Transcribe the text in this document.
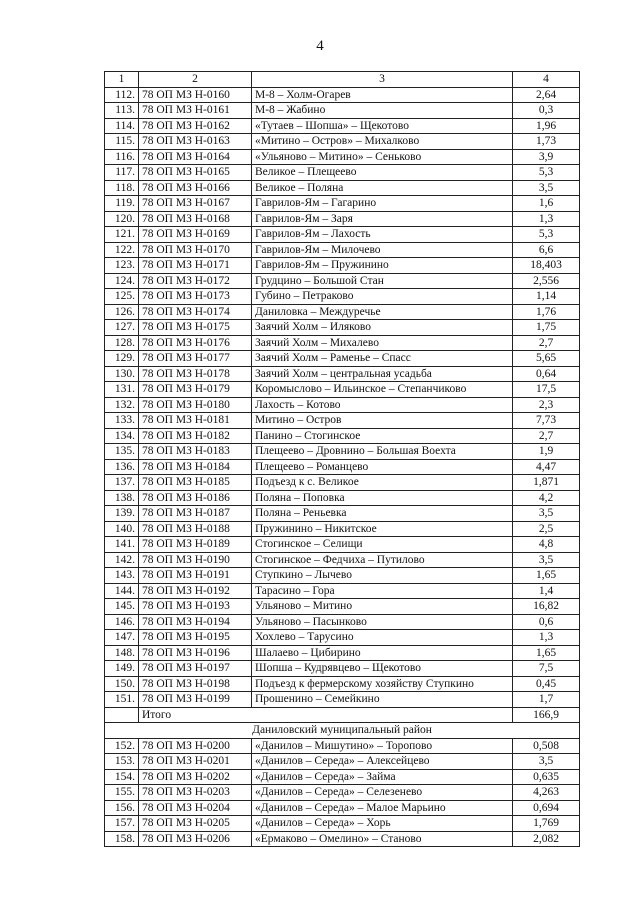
4
1	2	3	4
112.	78 ОП МЗ Н-0160	М-8 – Холм-Огарев	2,64
113.	78 ОП МЗ Н-0161	М-8 – Жабино	0,3
114.	78 ОП МЗ Н-0162	«Тутаев – Шопша» – Щекотово	1,96
115.	78 ОП МЗ Н-0163	«Митино – Остров» – Михалково	1,73
116.	78 ОП МЗ Н-0164	«Ульяново – Митино» – Сеньково	3,9
117.	78 ОП МЗ Н-0165	Великое – Плещеево	5,3
118.	78 ОП МЗ Н-0166	Великое – Поляна	3,5
119.	78 ОП МЗ Н-0167	Гаврилов-Ям – Гагарино	1,6
120.	78 ОП МЗ Н-0168	Гаврилов-Ям – Заря	1,3
121.	78 ОП МЗ Н-0169	Гаврилов-Ям – Лахость	5,3
122.	78 ОП МЗ Н-0170	Гаврилов-Ям – Милочево	6,6
123.	78 ОП МЗ Н-0171	Гаврилов-Ям – Пружинино	18,403
124.	78 ОП МЗ Н-0172	Грудцино – Большой Стан	2,556
125.	78 ОП МЗ Н-0173	Губино – Петраково	1,14
126.	78 ОП МЗ Н-0174	Даниловка – Междуречье	1,76
127.	78 ОП МЗ Н-0175	Заячий Холм – Иляково	1,75
128.	78 ОП МЗ Н-0176	Заячий Холм – Михалево	2,7
129.	78 ОП МЗ Н-0177	Заячий Холм – Раменье – Спасс	5,65
130.	78 ОП МЗ Н-0178	Заячий Холм – центральная усадьба	0,64
131.	78 ОП МЗ Н-0179	Коромыслово – Ильинское – Степанчиково	17,5
132.	78 ОП МЗ Н-0180	Лахость – Котово	2,3
133.	78 ОП МЗ Н-0181	Митино – Остров	7,73
134.	78 ОП МЗ Н-0182	Панино – Стогинское	2,7
135.	78 ОП МЗ Н-0183	Плещеево – Дровнино – Большая Воехта	1,9
136.	78 ОП МЗ Н-0184	Плещеево – Романцево	4,47
137.	78 ОП МЗ Н-0185	Подъезд к с. Великое	1,871
138.	78 ОП МЗ Н-0186	Поляна – Поповка	4,2
139.	78 ОП МЗ Н-0187	Поляна – Реньевка	3,5
140.	78 ОП МЗ Н-0188	Пружинино – Никитское	2,5
141.	78 ОП МЗ Н-0189	Стогинское – Селищи	4,8
142.	78 ОП МЗ Н-0190	Стогинское – Федчиха – Путилово	3,5
143.	78 ОП МЗ Н-0191	Ступкино – Лычево	1,65
144.	78 ОП МЗ Н-0192	Тарасино – Гора	1,4
145.	78 ОП МЗ Н-0193	Ульяново – Митино	16,82
146.	78 ОП МЗ Н-0194	Ульяново – Пасынково	0,6
147.	78 ОП МЗ Н-0195	Хохлево – Тарусино	1,3
148.	78 ОП МЗ Н-0196	Шалаево – Цибирино	1,65
149.	78 ОП МЗ Н-0197	Шопша – Кудрявцево – Щекотово	7,5
150.	78 ОП МЗ Н-0198	Подъезд к фермерскому хозяйству Ступкино	0,45
151.	78 ОП МЗ Н-0199	Прошенино – Семейкино	1,7
	Итого		166,9
Даниловский муниципальный район			
152.	78 ОП МЗ Н-0200	«Данилов – Мишутино» – Торопово	0,508
153.	78 ОП МЗ Н-0201	«Данилов – Середа» – Алексейцево	3,5
154.	78 ОП МЗ Н-0202	«Данилов – Середа» – Займа	0,635
155.	78 ОП МЗ Н-0203	«Данилов – Середа» – Селезенево	4,263
156.	78 ОП МЗ Н-0204	«Данилов – Середа» – Малое Марьино	0,694
157.	78 ОП МЗ Н-0205	«Данилов – Середа» – Хорь	1,769
158.	78 ОП МЗ Н-0206	«Ермаково – Омелино» – Станово	2,082
